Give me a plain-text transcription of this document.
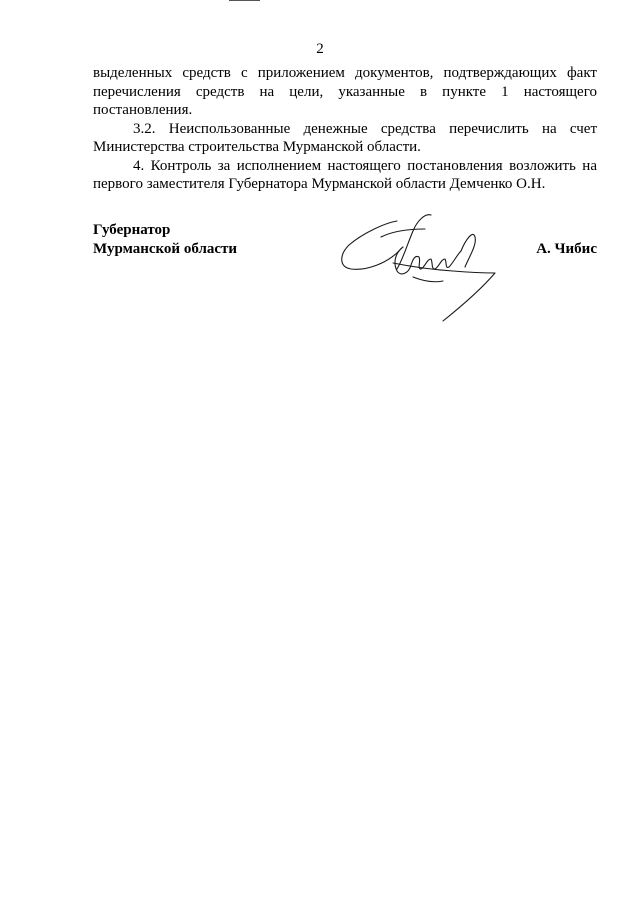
2

выделенных средств с приложением документов, подтверждающих факт перечисления средств на цели, указанные в пункте 1 настоящего постановления.

3.2. Неиспользованные денежные средства перечислить на счет Министерства строительства Мурманской области.

4. Контроль за исполнением настоящего постановления возложить на первого заместителя Губернатора Мурманской области Демченко О.Н.

Губернатор
Мурманской области	А. Чибис
